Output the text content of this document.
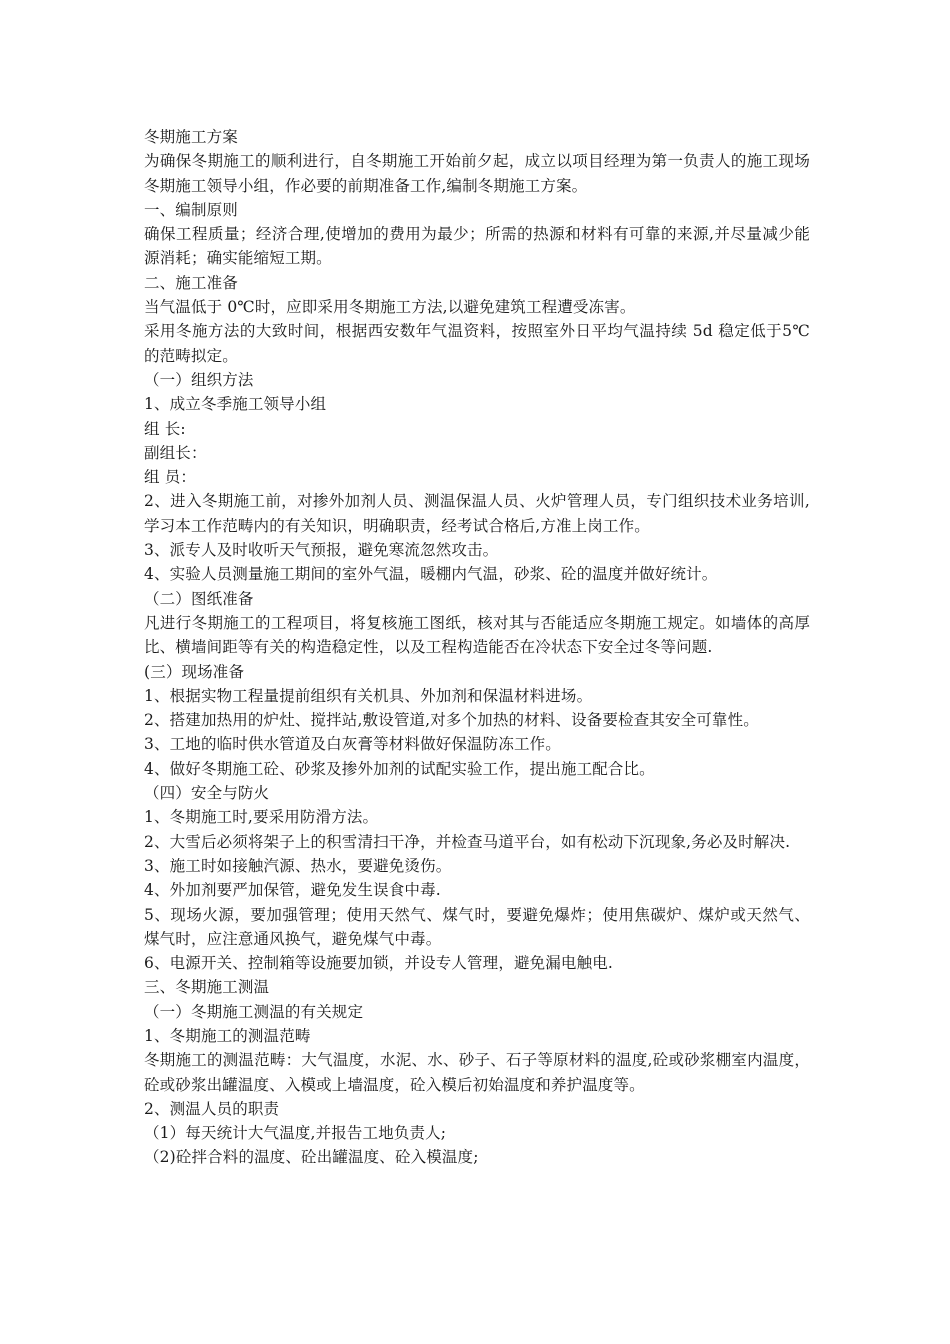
冬期施工方案

为确保冬期施工的顺利进行，自冬期施工开始前夕起，成立以项目经理为第一负责人的施工现场冬期施工领导小组，作必要的前期准备工作,编制冬期施工方案。

一、编制原则

确保工程质量；经济合理,使增加的费用为最少；所需的热源和材料有可靠的来源,并尽量减少能源消耗；确实能缩短工期。

二、施工准备

当气温低于 0℃时，应即采用冬期施工方法,以避免建筑工程遭受冻害。

采用冬施方法的大致时间，根据西安数年气温资料，按照室外日平均气温持续 5d 稳定低于5℃的范畴拟定。

（一）组织方法

1、成立冬季施工领导小组

组 长:

副组长：

组 员：

2、进入冬期施工前，对掺外加剂人员、测温保温人员、火炉管理人员，专门组织技术业务培训,学习本工作范畴内的有关知识，明确职责，经考试合格后,方准上岗工作。

3、派专人及时收听天气预报，避免寒流忽然攻击。

4、实验人员测量施工期间的室外气温，暖棚内气温，砂浆、砼的温度并做好统计。

（二）图纸准备

凡进行冬期施工的工程项目，将复核施工图纸，核对其与否能适应冬期施工规定。如墙体的高厚比、横墙间距等有关的构造稳定性，以及工程构造能否在冷状态下安全过冬等问题.

(三）现场准备

1、根据实物工程量提前组织有关机具、外加剂和保温材料进场。

2、搭建加热用的炉灶、搅拌站,敷设管道,对多个加热的材料、设备要检查其安全可靠性。

3、工地的临时供水管道及白灰膏等材料做好保温防冻工作。

4、做好冬期施工砼、砂浆及掺外加剂的试配实验工作，提出施工配合比。

（四）安全与防火

1、冬期施工时,要采用防滑方法。

2、大雪后必须将架子上的积雪清扫干净，并检查马道平台，如有松动下沉现象,务必及时解决.

3、施工时如接触汽源、热水，要避免烫伤。

4、外加剂要严加保管，避免发生误食中毒.

5、现场火源，要加强管理；使用天然气、煤气时，要避免爆炸；使用焦碳炉、煤炉或天然气、煤气时，应注意通风换气，避免煤气中毒。

6、电源开关、控制箱等设施要加锁，并设专人管理，避免漏电触电.

三、冬期施工测温

（一）冬期施工测温的有关规定

1、冬期施工的测温范畴

冬期施工的测温范畴：大气温度，水泥、水、砂子、石子等原材料的温度,砼或砂浆棚室内温度，砼或砂浆出罐温度、入模或上墙温度，砼入模后初始温度和养护温度等。

2、测温人员的职责

（1）每天统计大气温度,并报告工地负责人;

（2)砼拌合料的温度、砼出罐温度、砼入模温度;
